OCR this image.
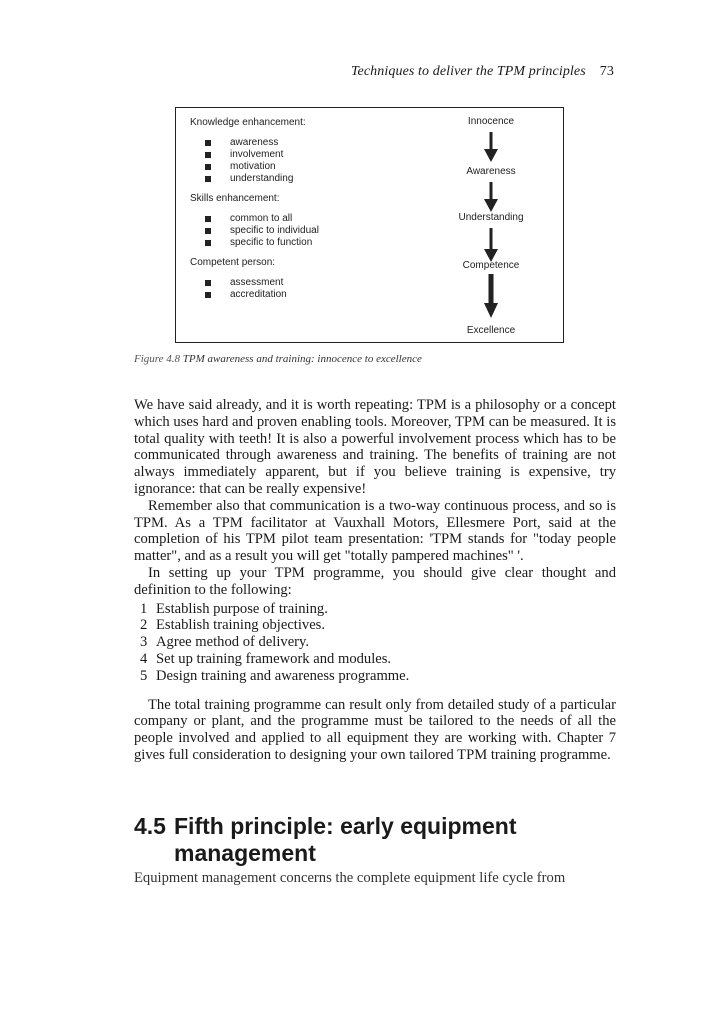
Techniques to deliver the TPM principles 73
Knowledge enhancement:
awareness
involvement
motivation
understanding
Skills enhancement:
common to all
specific to individual
specific to function
Competent person:
assessment
accreditation
Innocence
Awareness
Understanding
Competence
Excellence
Figure 4.8 TPM awareness and training: innocence to excellence

We have said already, and it is worth repeating: TPM is a philosophy or a concept which uses hard and proven enabling tools. Moreover, TPM can be measured. It is total quality with teeth! It is also a powerful involvement process which has to be communicated through awareness and training. The benefits of training are not always immediately apparent, but if you believe training is expensive, try ignorance: that can be really expensive!

Remember also that communication is a two-way continuous process, and so is TPM. As a TPM facilitator at Vauxhall Motors, Ellesmere Port, said at the completion of his TPM pilot team presentation: 'TPM stands for "today people matter", and as a result you will get "totally pampered machines" '.

In setting up your TPM programme, you should give clear thought and definition to the following:

1 Establish purpose of training.
2 Establish training objectives.
3 Agree method of delivery.
4 Set up training framework and modules.
5 Design training and awareness programme.

The total training programme can result only from detailed study of a particular company or plant, and the programme must be tailored to the needs of all the people involved and applied to all equipment they are working with. Chapter 7 gives full consideration to designing your own tailored TPM training programme.

4.5 Fifth principle: early equipment
management
Equipment management concerns the complete equipment life cycle from
